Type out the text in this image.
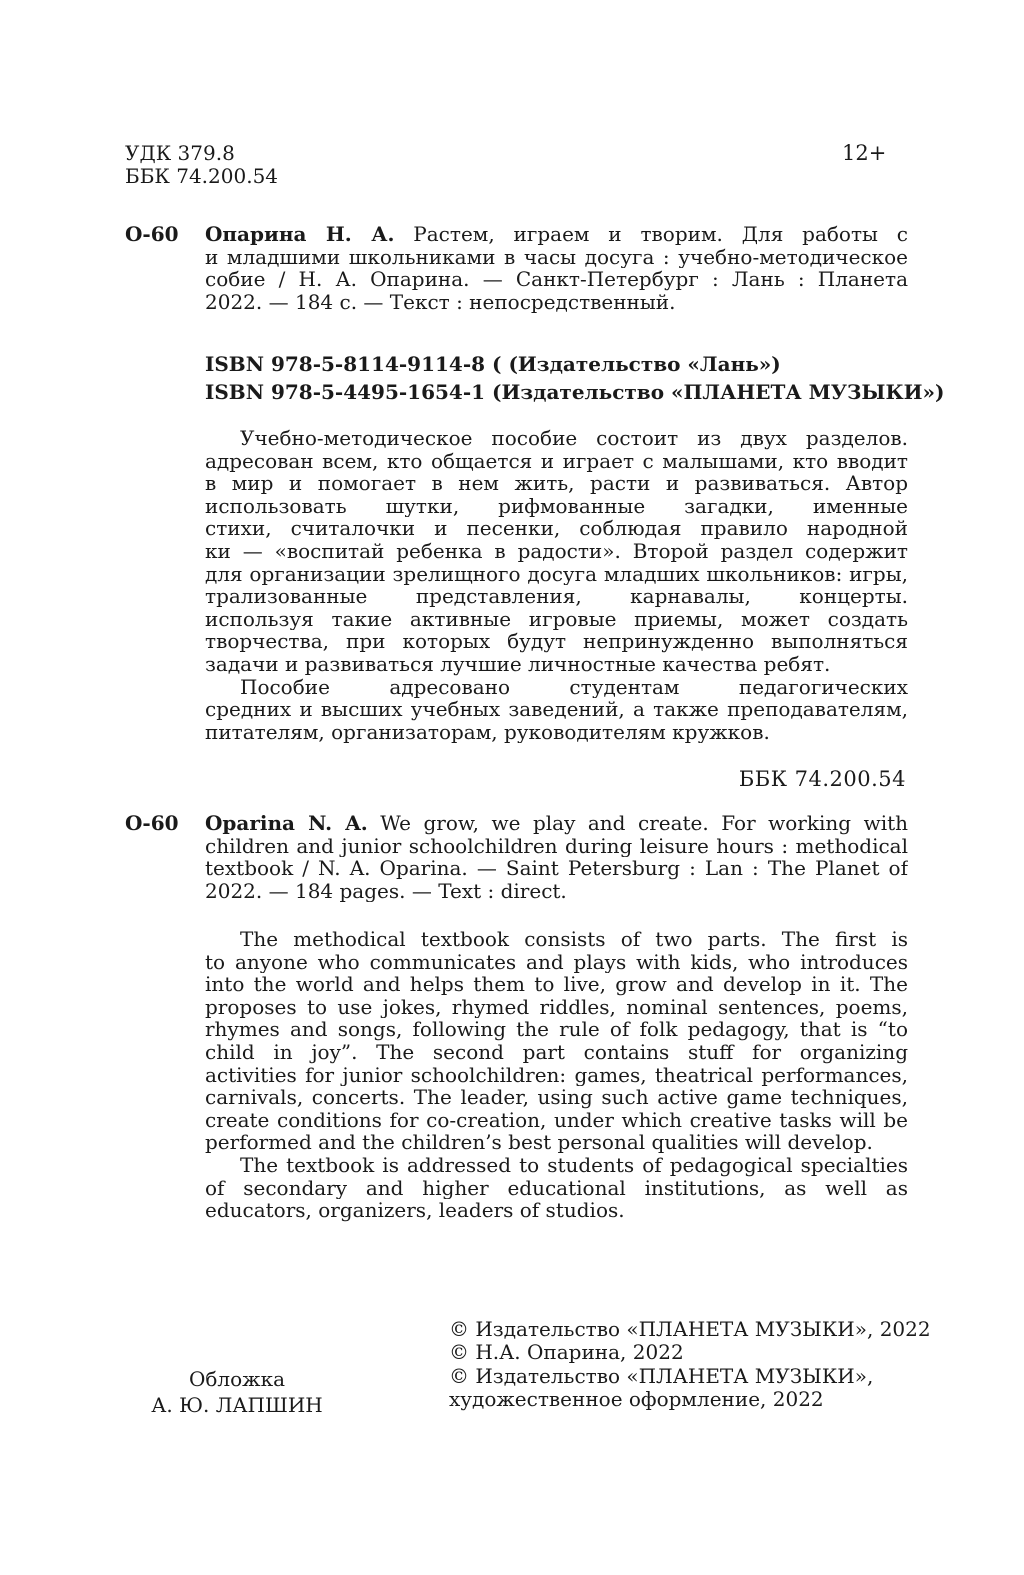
УДК 379.8
ББК 74.200.54
12+
О-60 Опарина Н. А. Растем, играем и творим. Для работы с
и младшими школьниками в часы досуга : учебно-методическое
собие / Н. А. Опарина. — Санкт-Петербург : Лань : Планета
2022. — 184 с. — Текст : непосредственный.
ISBN 978-5-8114-9114-8 ( (Издательство «Лань»)
ISBN 978-5-4495-1654-1 (Издательство «ПЛАНЕТА МУЗЫКИ»)
Учебно-методическое пособие состоит из двух разделов.
адресован всем, кто общается и играет с малышами, кто вводит
в мир и помогает в нем жить, расти и развиваться. Автор
использовать шутки, рифмованные загадки, именные
стихи, считалочки и песенки, соблюдая правило народной
ки — «воспитай ребенка в радости». Второй раздел содержит
для организации зрелищного досуга младших школьников: игры,
трализованные представления, карнавалы, концерты.
используя такие активные игровые приемы, может создать
творчества, при которых будут непринужденно выполняться
задачи и развиваться лучшие личностные качества ребят.
Пособие адресовано студентам педагогических
средних и высших учебных заведений, а также преподавателям,
питателям, организаторам, руководителям кружков.
ББК 74.200.54
О-60 Oparina N. A. We grow, we play and create. For working with
children and junior schoolchildren during leisure hours : methodical
textbook / N. A. Oparina. — Saint Petersburg : Lan : The Planet of
2022. — 184 pages. — Text : direct.
The methodical textbook consists of two parts. The first is
to anyone who communicates and plays with kids, who introduces
into the world and helps them to live, grow and develop in it. The
proposes to use jokes, rhymed riddles, nominal sentences, poems,
rhymes and songs, following the rule of folk pedagogy, that is “to
child in joy”. The second part contains stuff for organizing
activities for junior schoolchildren: games, theatrical performances,
carnivals, concerts. The leader, using such active game techniques,
create conditions for co-creation, under which creative tasks will be
performed and the children’s best personal qualities will develop.
The textbook is addressed to students of pedagogical specialties
of secondary and higher educational institutions, as well as
educators, organizers, leaders of studios.
© Издательство «ПЛАНЕТА МУЗЫКИ», 2022
© Н.А. Опарина, 2022
© Издательство «ПЛАНЕТА МУЗЫКИ»,
художественное оформление, 2022
Обложка
А. Ю. ЛАПШИН
